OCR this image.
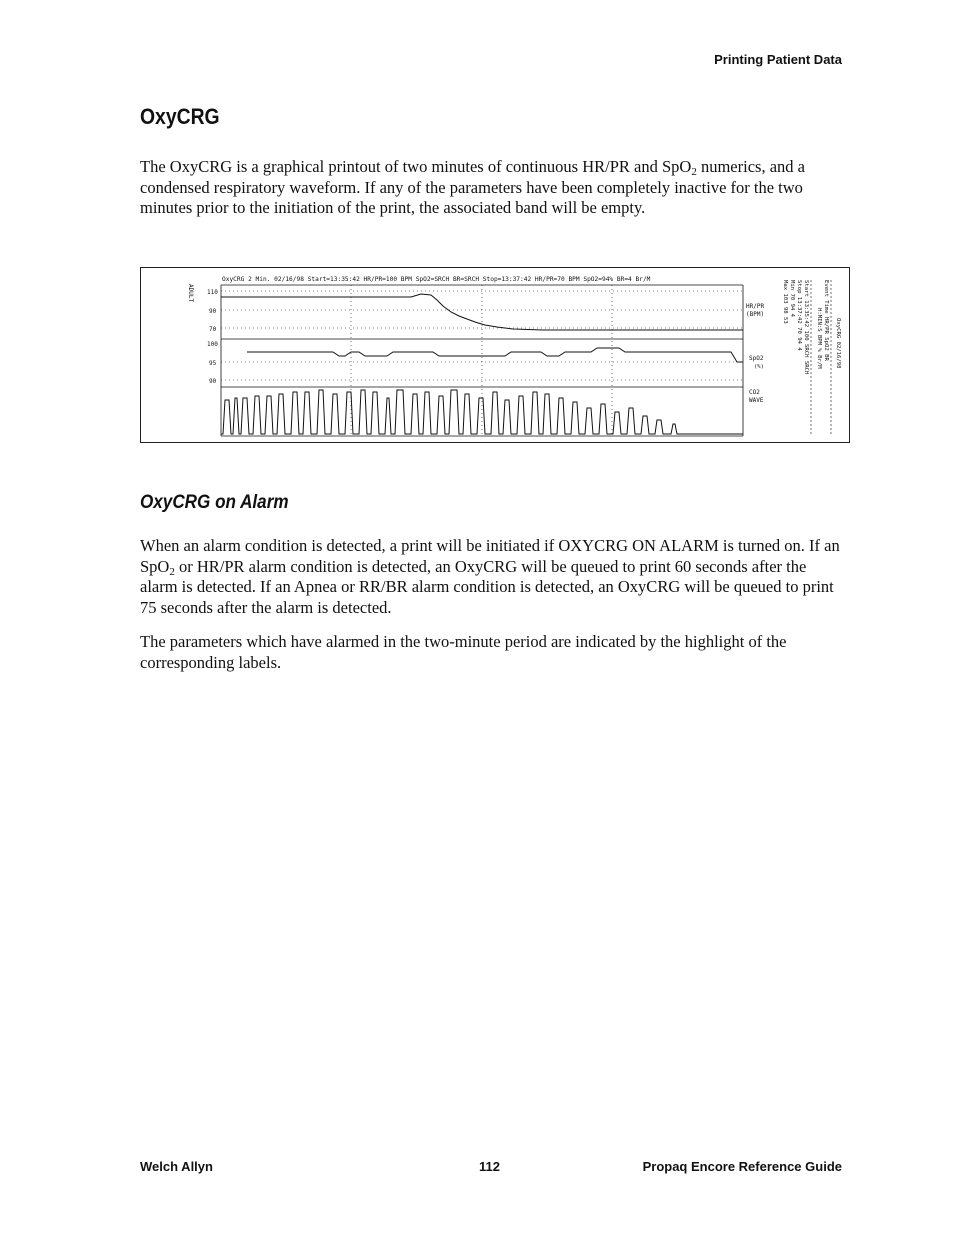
Printing Patient Data
OxyCRG

The OxyCRG is a graphical printout of two minutes of continuous HR/PR and SpO$_2$ numerics, and a condensed respiratory waveform. If any of the parameters have been completely inactive for the two minutes prior to the initiation of the print, the associated band will be empty.

OxyCRG 2 Min. 02/16/98 Start=13:35:42 HR/PR=100 BPM SpO2=SRCH BR=SRCH Stop=13:37:42 HR/PR=70 BPM SpO2=94% BR=4 Br/M
ADULT 110
90
70
100
95
90
HR/PR
(BPM)
SpO2
(%)
CO2
WAVE
OxyCRG 02/16/98
Event Time HR/PR SpO2 BR
H:MIN:S BPM % Br/M
Start 13:35:42 100 SRCH SRCH
Stop 13:37:42 70 94 4
Min 70 94 4
Max 103 98 53
OxyCRG on Alarm

When an alarm condition is detected, a print will be initiated if OXYCRG ON ALARM is turned on. If an SpO$_2$ or HR/PR alarm condition is detected, an OxyCRG will be queued to print 60 seconds after the alarm is detected. If an Apnea or RR/BR alarm condition is detected, an OxyCRG will be queued to print 75 seconds after the alarm is detected.

The parameters which have alarmed in the two-minute period are indicated by the highlight of the corresponding labels.

Welch Allyn	112	Propaq Encore Reference Guide
